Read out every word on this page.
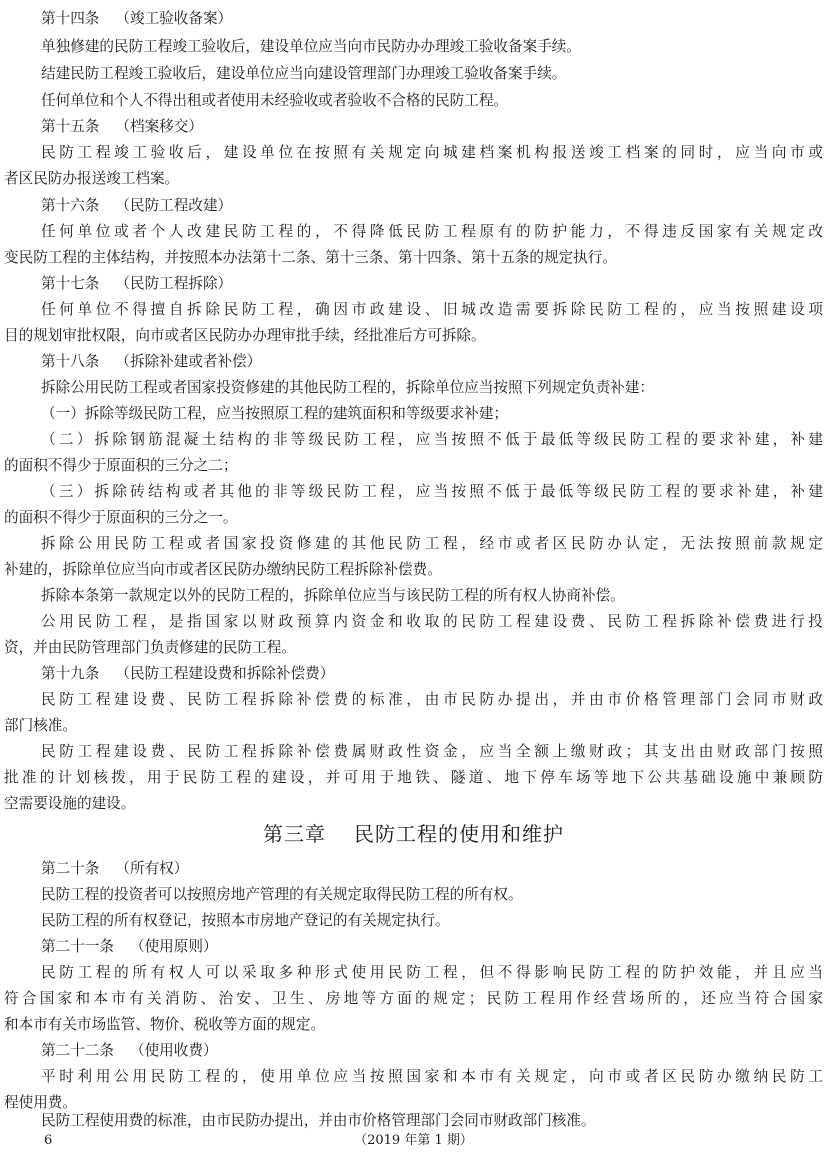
第十四条 （竣工验收备案）
单独修建的民防工程竣工验收后，建设单位应当向市民防办办理竣工验收备案手续。
结建民防工程竣工验收后，建设单位应当向建设管理部门办理竣工验收备案手续。
任何单位和个人不得出租或者使用未经验收或者验收不合格的民防工程。
第十五条 （档案移交）
民防工程竣工验收后，建设单位在按照有关规定向城建档案机构报送竣工档案的同时，应当向市或
者区民防办报送竣工档案。
第十六条 （民防工程改建）
任何单位或者个人改建民防工程的，不得降低民防工程原有的防护能力，不得违反国家有关规定改
变民防工程的主体结构，并按照本办法第十二条、第十三条、第十四条、第十五条的规定执行。
第十七条 （民防工程拆除）
任何单位不得擅自拆除民防工程，确因市政建设、旧城改造需要拆除民防工程的，应当按照建设项
目的规划审批权限，向市或者区民防办办理审批手续，经批准后方可拆除。
第十八条 （拆除补建或者补偿）
拆除公用民防工程或者国家投资修建的其他民防工程的，拆除单位应当按照下列规定负责补建：
（一）拆除等级民防工程，应当按照原工程的建筑面积和等级要求补建；
（二）拆除钢筋混凝土结构的非等级民防工程，应当按照不低于最低等级民防工程的要求补建，补建
的面积不得少于原面积的三分之二；
（三）拆除砖结构或者其他的非等级民防工程，应当按照不低于最低等级民防工程的要求补建，补建
的面积不得少于原面积的三分之一。
拆除公用民防工程或者国家投资修建的其他民防工程，经市或者区民防办认定，无法按照前款规定
补建的，拆除单位应当向市或者区民防办缴纳民防工程拆除补偿费。
拆除本条第一款规定以外的民防工程的，拆除单位应当与该民防工程的所有权人协商补偿。
公用民防工程，是指国家以财政预算内资金和收取的民防工程建设费、民防工程拆除补偿费进行投
资，并由民防管理部门负责修建的民防工程。
第十九条 （民防工程建设费和拆除补偿费）
民防工程建设费、民防工程拆除补偿费的标准，由市民防办提出，并由市价格管理部门会同市财政
部门核准。
民防工程建设费、民防工程拆除补偿费属财政性资金，应当全额上缴财政；其支出由财政部门按照
批准的计划核拨，用于民防工程的建设，并可用于地铁、隧道、地下停车场等地下公共基础设施中兼顾防
空需要设施的建设。
第三章 民防工程的使用和维护
第二十条 （所有权）
民防工程的投资者可以按照房地产管理的有关规定取得民防工程的所有权。
民防工程的所有权登记，按照本市房地产登记的有关规定执行。
第二十一条 （使用原则）
民防工程的所有权人可以采取多种形式使用民防工程，但不得影响民防工程的防护效能，并且应当
符合国家和本市有关消防、治安、卫生、房地等方面的规定；民防工程用作经营场所的，还应当符合国家
和本市有关市场监管、物价、税收等方面的规定。
第二十二条 （使用收费）
平时利用公用民防工程的，使用单位应当按照国家和本市有关规定，向市或者区民防办缴纳民防工
程使用费。
民防工程使用费的标准，由市民防办提出，并由市价格管理部门会同市财政部门核准。
6	（2019 年第 1 期）
